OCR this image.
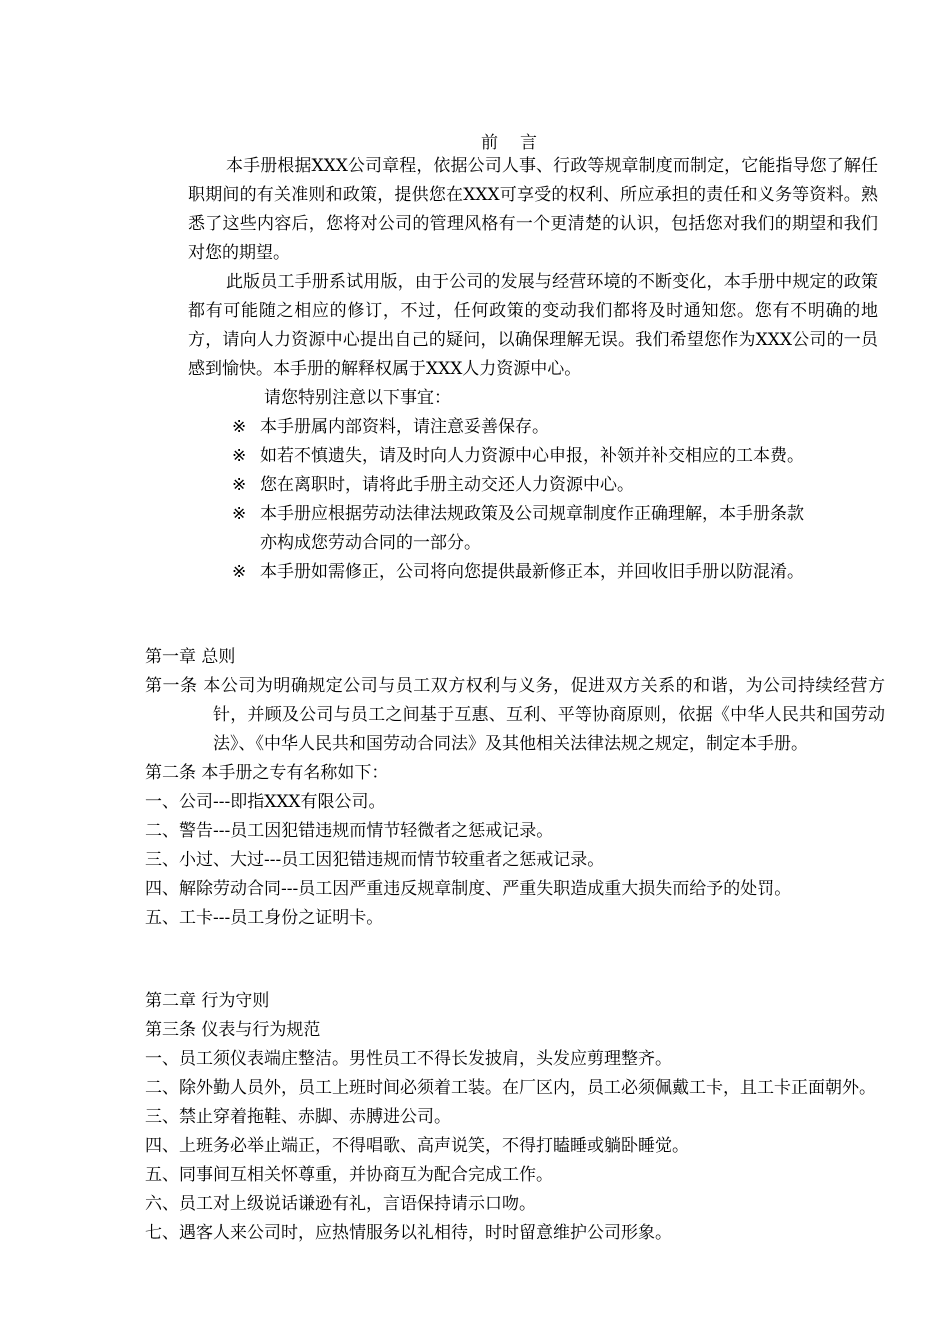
前 言

本手册根据XXX公司章程，依据公司人事、行政等规章制度而制定，它能指导您了解任职期间的有关准则和政策，提供您在XXX可享受的权利、所应承担的责任和义务等资料。熟悉了这些内容后，您将对公司的管理风格有一个更清楚的认识，包括您对我们的期望和我们对您的期望。

此版员工手册系试用版，由于公司的发展与经营环境的不断变化，本手册中规定的政策都有可能随之相应的修订，不过，任何政策的变动我们都将及时通知您。您有不明确的地方，请向人力资源中心提出自己的疑问，以确保理解无误。我们希望您作为XXX公司的一员感到愉快。本手册的解释权属于XXX人力资源中心。

请您特别注意以下事宜：

※ 本手册属内部资料，请注意妥善保存。
※ 如若不慎遗失，请及时向人力资源中心申报，补领并补交相应的工本费。
※ 您在离职时，请将此手册主动交还人力资源中心。
※ 本手册应根据劳动法律法规政策及公司规章制度作正确理解，本手册条款亦构成您劳动合同的一部分。
※ 本手册如需修正，公司将向您提供最新修正本，并回收旧手册以防混淆。

第一章 总则

第一条 本公司为明确规定公司与员工双方权利与义务，促进双方关系的和谐，为公司持续经营方针，并顾及公司与员工之间基于互惠、互利、平等协商原则，依据《中华人民共和国劳动法》、《中华人民共和国劳动合同法》及其他相关法律法规之规定，制定本手册。

第二条 本手册之专有名称如下：

一、公司---即指XXX有限公司。

二、警告---员工因犯错违规而情节轻微者之惩戒记录。

三、小过、大过---员工因犯错违规而情节较重者之惩戒记录。

四、解除劳动合同---员工因严重违反规章制度、严重失职造成重大损失而给予的处罚。

五、工卡---员工身份之证明卡。

第二章 行为守则

第三条 仪表与行为规范

一、员工须仪表端庄整洁。男性员工不得长发披肩，头发应剪理整齐。

二、除外勤人员外，员工上班时间必须着工装。在厂区内，员工必须佩戴工卡，且工卡正面朝外。

三、禁止穿着拖鞋、赤脚、赤膊进公司。

四、上班务必举止端正，不得唱歌、高声说笑，不得打瞌睡或躺卧睡觉。

五、同事间互相关怀尊重，并协商互为配合完成工作。

六、员工对上级说话谦逊有礼，言语保持请示口吻。

七、遇客人来公司时，应热情服务以礼相待，时时留意维护公司形象。
